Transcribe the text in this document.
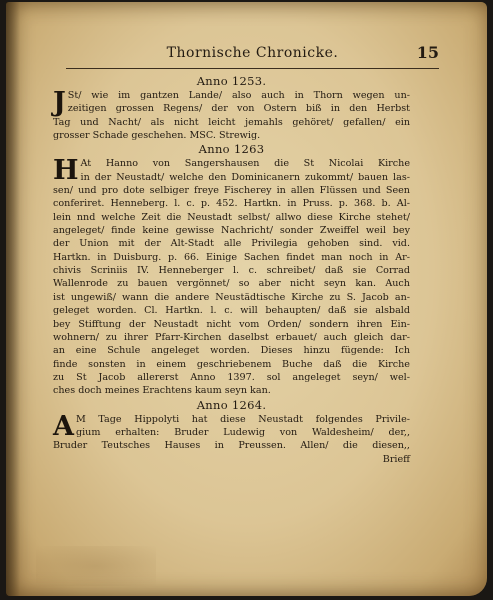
Thornische Chronicke.	15
Anno 1253.
J St/ wie im gantzen Lande/ also auch in Thorn wegen un-
zeitigen grossen Regens/ der von Ostern biß in den Herbst
Tag und Nacht/ als nicht leicht jemahls gehöret/ gefallen/ ein
grosser Schade geschehen. MSC. Strewig.
Anno 1263
H At Hanno von Sangershausen die St Nicolai Kirche
in der Neustadt/ welche den Dominicanern zukommt/ bauen las-
sen/ und pro dote selbiger freye Fischerey in allen Flüssen und Seen
conferiret. Henneberg. l. c. p. 452. Hartkn. in Pruss. p. 368. b. Al-
lein nnd welche Zeit die Neustadt selbst/ allwo diese Kirche stehet/
angeleget/ finde keine gewisse Nachricht/ sonder Zweiffel weil bey
der Union mit der Alt-Stadt alle Privilegia gehoben sind. vid.
Hartkn. in Duisburg. p. 66. Einige Sachen findet man noch in Ar-
chivis Scriniis IV. Henneberger l. c. schreibet/ daß sie Corrad
Wallenrode zu bauen vergönnet/ so aber nicht seyn kan. Auch
ist ungewiß/ wann die andere Neustädtische Kirche zu S. Jacob an-
geleget worden. Cl. Hartkn. l. c. will behaupten/ daß sie alsbald
bey Stifftung der Neustadt nicht vom Orden/ sondern ihren Ein-
wohnern/ zu ihrer Pfarr-Kirchen daselbst erbauet/ auch gleich dar-
an eine Schule angeleget worden. Dieses hinzu fügende: Ich
finde sonsten in einem geschriebenem Buche daß die Kirche
zu St Jacob allererst Anno 1397. sol angeleget seyn/ wel-
ches doch meines Erachtens kaum seyn kan.
Anno 1264.
A M Tage Hippolyti hat diese Neustadt folgendes Privile-
gium erhalten: Bruder Ludewig von Waldesheim/ der,,
Bruder Teutsches Hauses in Preussen. Allen/ die diesen,,
Brieff
